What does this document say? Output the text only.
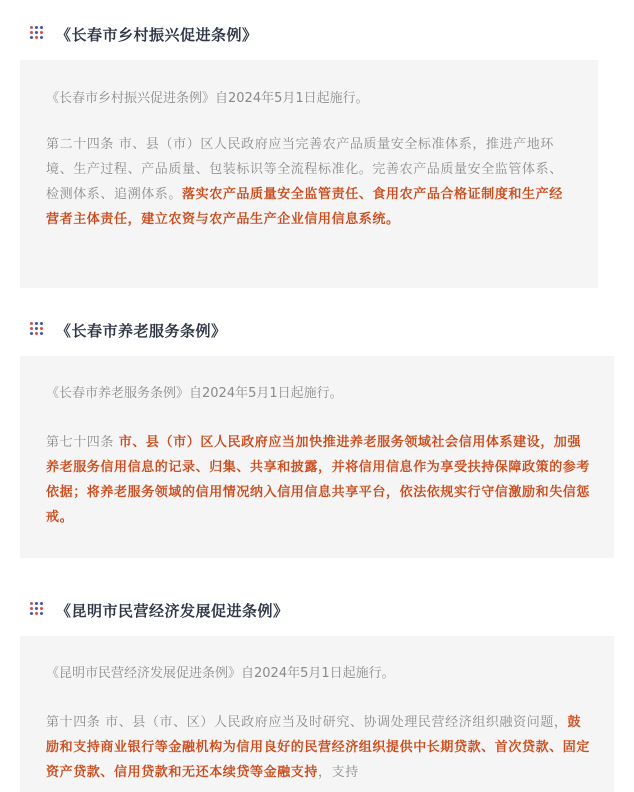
《长春市乡村振兴促进条例》
《长春市乡村振兴促进条例》自2024年5月1日起施行。
第二十四条 市、县（市）区人民政府应当完善农产品质量安全标准体系，推进产地环境、生产过程、产品质量、包装标识等全流程标准化。完善农产品质量安全监管体系、检测体系、追溯体系。落实农产品质量安全监管责任、食用农产品合格证制度和生产经营者主体责任，建立农资与农产品生产企业信用信息系统。
《长春市养老服务条例》
《长春市养老服务条例》自2024年5月1日起施行。
第七十四条 市、县（市）区人民政府应当加快推进养老服务领域社会信用体系建设，加强养老服务信用信息的记录、归集、共享和披露，并将信用信息作为享受扶持保障政策的参考依据；将养老服务领域的信用情况纳入信用信息共享平台，依法依规实行守信激励和失信惩戒。
《昆明市民营经济发展促进条例》
《昆明市民营经济发展促进条例》自2024年5月1日起施行。
第十四条 市、县（市、区）人民政府应当及时研究、协调处理民营经济组织融资问题，鼓励和支持商业银行等金融机构为信用良好的民营经济组织提供中长期贷款、首次贷款、固定资产贷款、信用贷款和无还本续贷等金融支持，支持
